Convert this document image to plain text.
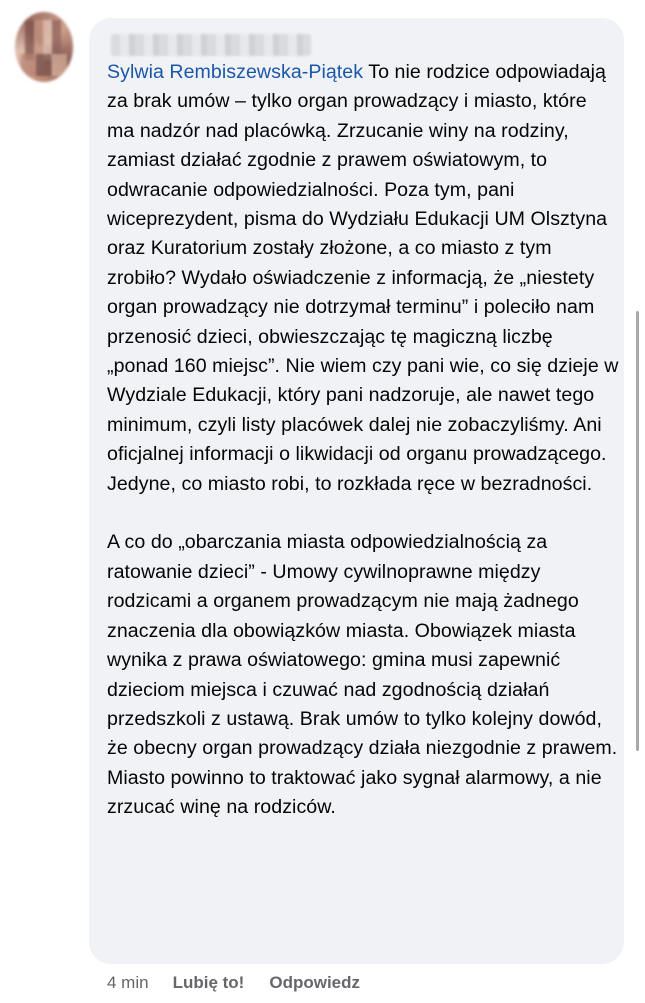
Sylwia Rembiszewska-Piątek To nie rodzice odpowiadają za brak umów – tylko organ prowadzący i miasto, które ma nadzór nad placówką. Zrzucanie winy na rodziny, zamiast działać zgodnie z prawem oświatowym, to odwracanie odpowiedzialności. Poza tym, pani wiceprezydent, pisma do Wydziału Edukacji UM Olsztyna oraz Kuratorium zostały złożone, a co miasto z tym zrobiło? Wydało oświadczenie z informacją, że „niestety organ prowadzący nie dotrzymał terminu” i poleciło nam przenosić dzieci, obwieszczając tę magiczną liczbę „ponad 160 miejsc”. Nie wiem czy pani wie, co się dzieje w Wydziale Edukacji, który pani nadzoruje, ale nawet tego minimum, czyli listy placówek dalej nie zobaczyliśmy. Ani oficjalnej informacji o likwidacji od organu prowadzącego. Jedyne, co miasto robi, to rozkłada ręce w bezradności.

A co do „obarczania miasta odpowiedzialnością za ratowanie dzieci” - Umowy cywilnoprawne między rodzicami a organem prowadzącym nie mają żadnego znaczenia dla obowiązków miasta. Obowiązek miasta wynika z prawa oświatowego: gmina musi zapewnić dzieciom miejsca i czuwać nad zgodnością działań przedszkoli z ustawą. Brak umów to tylko kolejny dowód, że obecny organ prowadzący działa niezgodnie z prawem. Miasto powinno to traktować jako sygnał alarmowy, a nie zrzucać winę na rodziców.

4 min Lubię to! Odpowiedz
